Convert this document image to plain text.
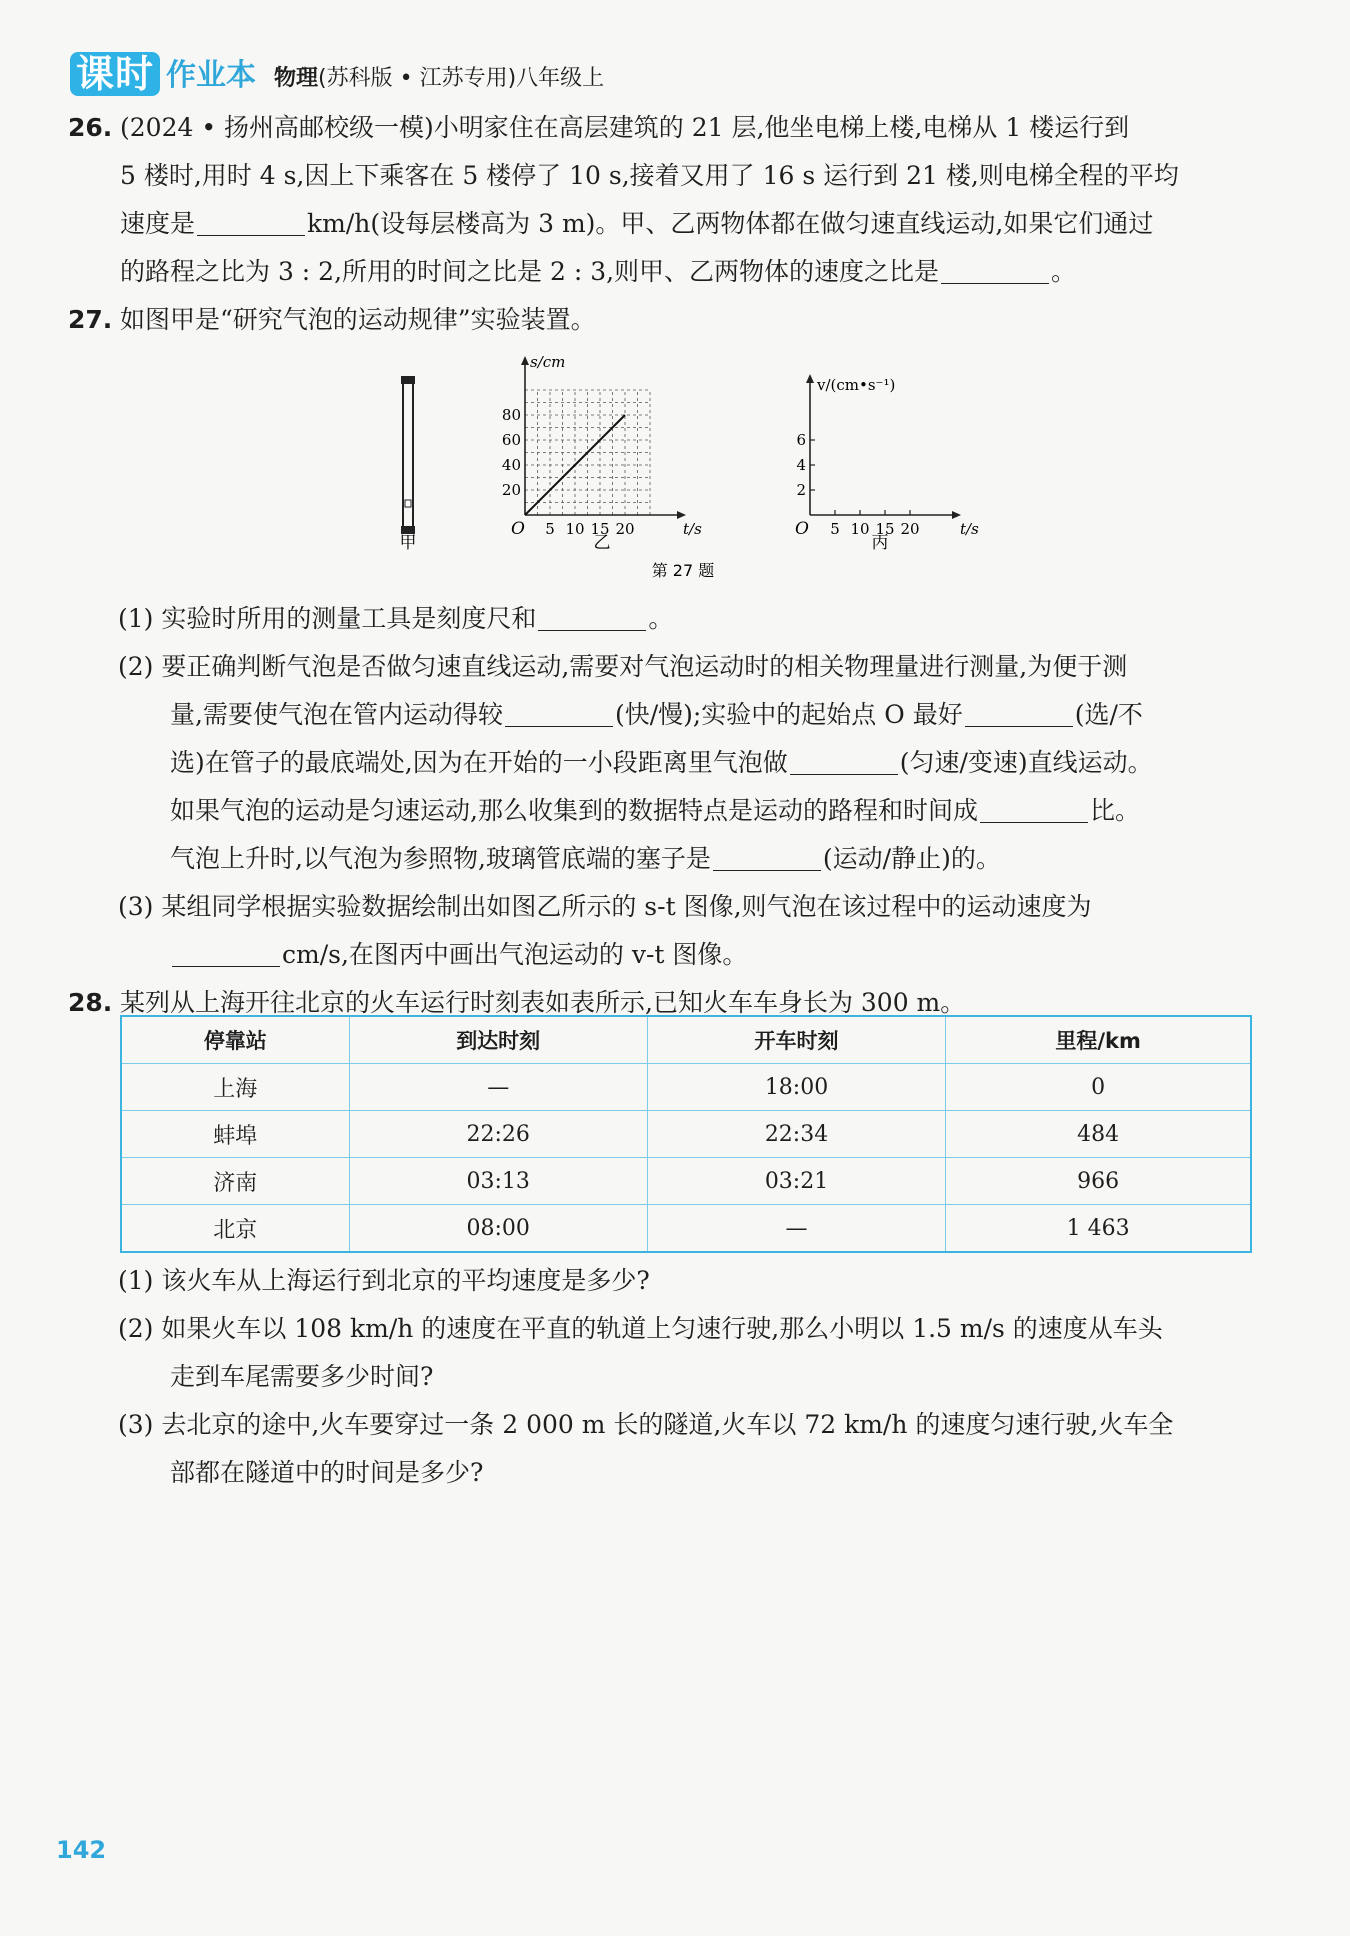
课时 作业本 物理(苏科版 • 江苏专用)八年级上
26. (2024 • 扬州高邮校级一模)小明家住在高层建筑的 21 层,他坐电梯上楼,电梯从 1 楼运行到
5 楼时,用时 4 s,因上下乘客在 5 楼停了 10 s,接着又用了 16 s 运行到 21 楼,则电梯全程的平均
速度是	km/h(设每层楼高为 3 m)。甲、乙两物体都在做匀速直线运动,如果它们通过
的路程之比为 3 : 2,所用的时间之比是 2 : 3,则甲、乙两物体的速度之比是	。
27. 如图甲是“研究气泡的运动规律”实验装置。
甲
20
40
60
80
5 10 15 20
O
s/cm
t/s
乙
2
4
6
5 10 15 20
O
v/(cm•s⁻¹)
t/s
丙
第 27 题
(1) 实验时所用的测量工具是刻度尺和	。
(2) 要正确判断气泡是否做匀速直线运动,需要对气泡运动时的相关物理量进行测量,为便于测
量,需要使气泡在管内运动得较	(快/慢);实验中的起始点 O 最好	(选/不
选)在管子的最底端处,因为在开始的一小段距离里气泡做	(匀速/变速)直线运动。
如果气泡的运动是匀速运动,那么收集到的数据特点是运动的路程和时间成	比。
气泡上升时,以气泡为参照物,玻璃管底端的塞子是	(运动/静止)的。
(3) 某组同学根据实验数据绘制出如图乙所示的 s-t 图像,则气泡在该过程中的运动速度为
cm/s,在图丙中画出气泡运动的 v-t 图像。
28. 某列从上海开往北京的火车运行时刻表如表所示,已知火车车身长为 300 m。
停靠站	到达时刻	开车时刻	里程/km
上海	—	18:00	0
蚌埠	22:26	22:34	484
济南	03:13	03:21	966
北京	08:00	—	1 463
(1) 该火车从上海运行到北京的平均速度是多少?
(2) 如果火车以 108 km/h 的速度在平直的轨道上匀速行驶,那么小明以 1.5 m/s 的速度从车头
走到车尾需要多少时间?
(3) 去北京的途中,火车要穿过一条 2 000 m 长的隧道,火车以 72 km/h 的速度匀速行驶,火车全
部都在隧道中的时间是多少?
142
